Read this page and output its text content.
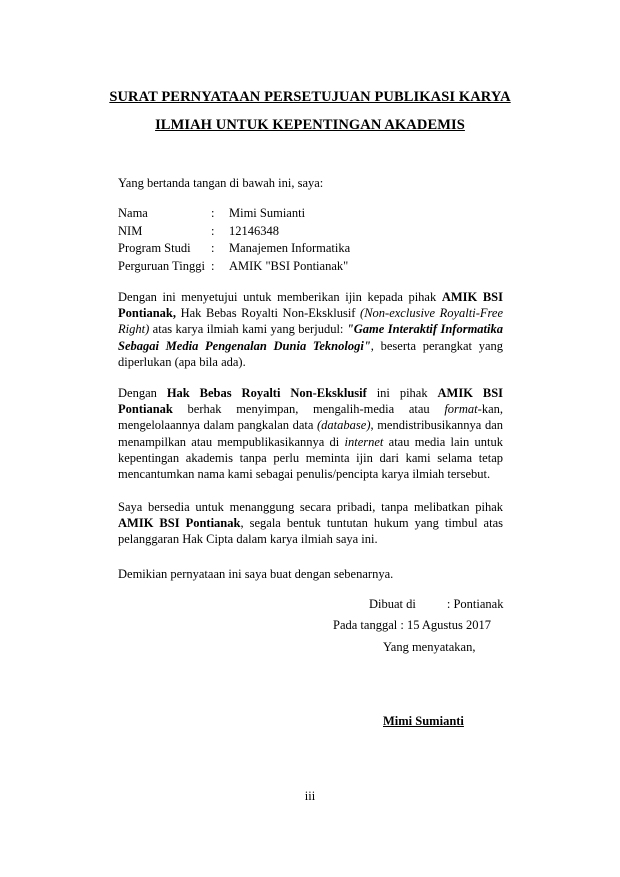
SURAT PERNYATAAN PERSETUJUAN PUBLIKASI KARYA
ILMIAH UNTUK KEPENTINGAN AKADEMIS
Yang bertanda tangan di bawah ini, saya:
Nama	:	Mimi Sumianti
NIM	:	12146348
Program Studi	:	Manajemen Informatika
Perguruan Tinggi :	AMIK "BSI Pontianak"
Dengan ini menyetujui untuk memberikan ijin kepada pihak AMIK BSI Pontianak, Hak Bebas Royalti Non-Eksklusif (Non-exclusive Royalti-Free Right) atas karya ilmiah kami yang berjudul: "Game Interaktif Informatika Sebagai Media Pengenalan Dunia Teknologi", beserta perangkat yang diperlukan (apa bila ada).
Dengan Hak Bebas Royalti Non-Eksklusif ini pihak AMIK BSI Pontianak berhak menyimpan, mengalih-media atau format-kan, mengelolaannya dalam pangkalan data (database), mendistribusikannya dan menampilkan atau mempublikasikannya di internet atau media lain untuk kepentingan akademis tanpa perlu meminta ijin dari kami selama tetap mencantumkan nama kami sebagai penulis/pencipta karya ilmiah tersebut.
Saya bersedia untuk menanggung secara pribadi, tanpa melibatkan pihak AMIK BSI Pontianak, segala bentuk tuntutan hukum yang timbul atas pelanggaran Hak Cipta dalam karya ilmiah saya ini.
Demikian pernyataan ini saya buat dengan sebenarnya.
Dibuat di : Pontianak
Pada tanggal : 15 Agustus 2017
Yang menyatakan,
Mimi Sumianti
iii
